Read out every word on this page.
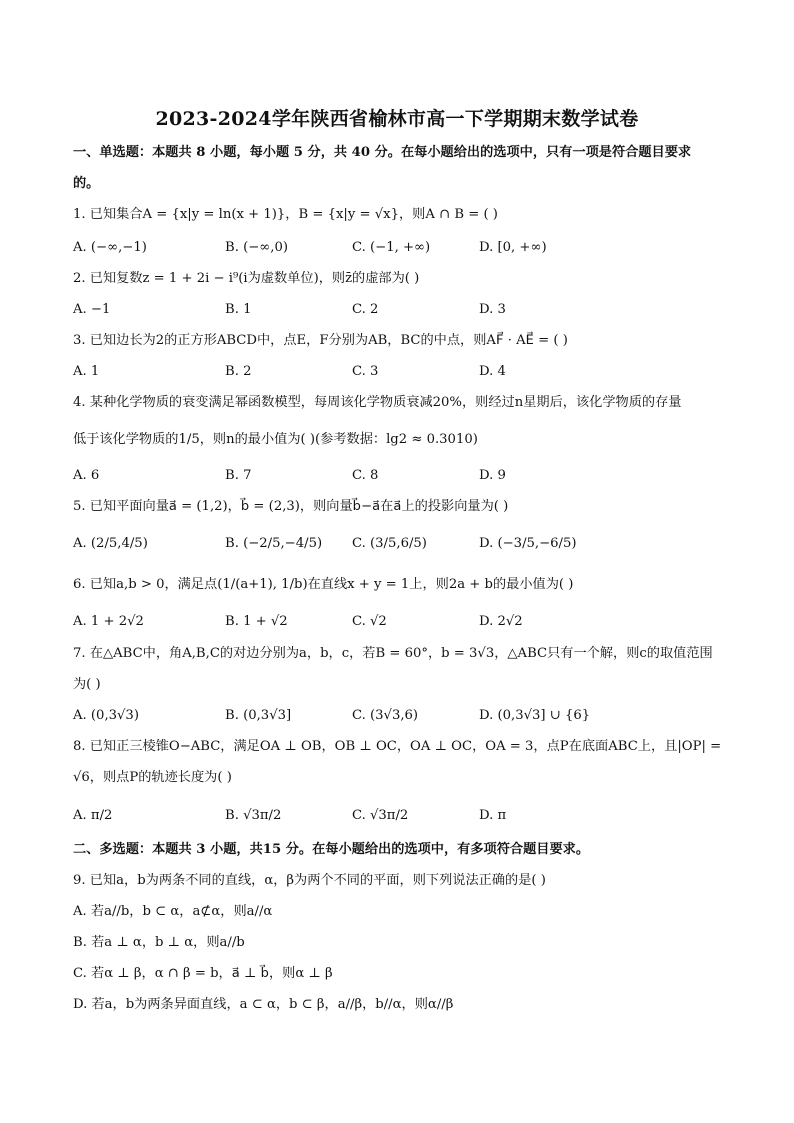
2023-2024学年陕西省榆林市高一下学期期末数学试卷
一、单选题：本题共 8 小题，每小题 5 分，共 40 分。在每小题给出的选项中，只有一项是符合题目要求
的。
1. 已知集合A = {x|y = ln(x + 1)}，B = {x|y = √x}，则A ∩ B = ( )
A. (−∞,−1)	B. (−∞,0)	C. (−1, +∞)	D. [0, +∞)
2. 已知复数z = 1 + 2i − i⁹(i为虚数单位)，则z̄的虚部为( )
A. −1	B. 1	C. 2	D. 3
3. 已知边长为2的正方形ABCD中，点E，F分别为AB，BC的中点，则AF⃗ · AE⃗ = ( )
A. 1	B. 2	C. 3	D. 4
4. 某种化学物质的衰变满足幂函数模型，每周该化学物质衰减20%，则经过n星期后，该化学物质的存量
低于该化学物质的1/5，则n的最小值为( )(参考数据：lg2 ≈ 0.3010)
A. 6	B. 7	C. 8	D. 9
5. 已知平面向量a⃗ = (1,2)，b⃗ = (2,3)，则向量b⃗−a⃗在a⃗上的投影向量为( )
A. (2/5,4/5)	B. (−2/5,−4/5) C. (3/5,6/5)	D. (−3/5,−6/5)
6. 已知a,b > 0，满足点(1/(a+1), 1/b)在直线x + y = 1上，则2a + b的最小值为( )
A. 1 + 2√2	B. 1 + √2	C. √2	D. 2√2
7. 在△ABC中，角A,B,C的对边分别为a，b，c，若B = 60°，b = 3√3，△ABC只有一个解，则c的取值范围
为( )
A. (0,3√3)	B. (0,3√3]	C. (3√3,6)	D. (0,3√3] ∪ {6}
8. 已知正三棱锥O−ABC，满足OA ⊥ OB，OB ⊥ OC，OA ⊥ OC，OA = 3，点P在底面ABC上，且|OP| =
√6，则点P的轨迹长度为( )
A. π/2	B. √3π/2	C. √3π/2	D. π
二、多选题：本题共 3 小题，共15 分。在每小题给出的选项中，有多项符合题目要求。
9. 已知a，b为两条不同的直线，α，β为两个不同的平面，则下列说法正确的是( )
A. 若a//b，b ⊂ α，a⊄α，则a//α
B. 若a ⊥ α，b ⊥ α，则a//b
C. 若α ⊥ β，α ∩ β = b，a⃗ ⊥ b⃗，则α ⊥ β
D. 若a，b为两条异面直线，a ⊂ α，b ⊂ β，a//β，b//α，则α//β
